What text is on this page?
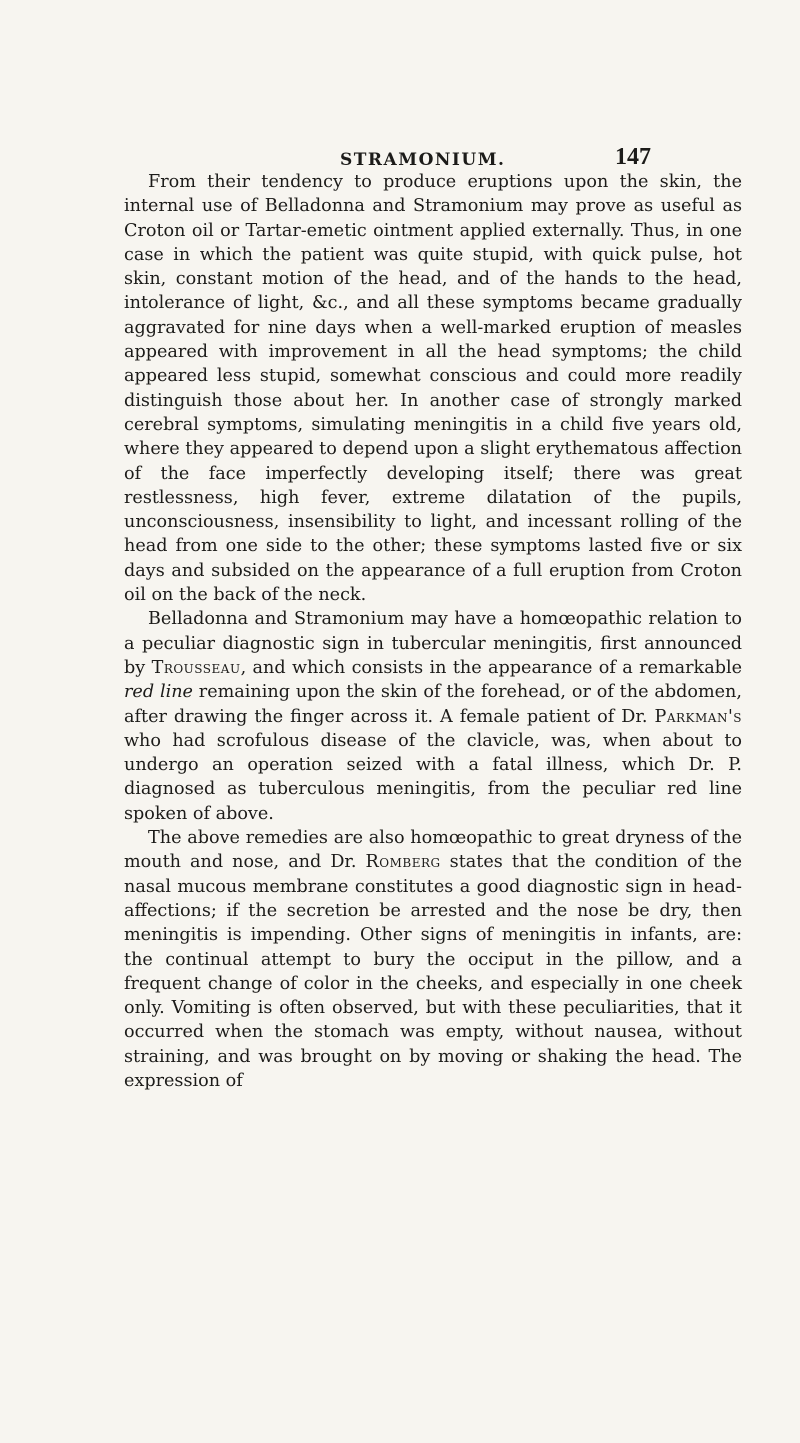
STRAMONIUM.	147

From their tendency to produce eruptions upon the skin, the internal use of Belladonna and Stramonium may prove as useful as Croton oil or Tartar-emetic ointment applied externally. Thus, in one case in which the patient was quite stupid, with quick pulse, hot skin, constant motion of the head, and of the hands to the head, intolerance of light, &c., and all these symptoms became gradually aggravated for nine days when a well-marked eruption of measles appeared with improvement in all the head symptoms; the child appeared less stupid, somewhat conscious and could more readily distinguish those about her. In another case of strongly marked cerebral symptoms, simulating meningitis in a child five years old, where they appeared to depend upon a slight erythematous affection of the face imperfectly developing itself; there was great restlessness, high fever, extreme dilatation of the pupils, unconsciousness, insensibility to light, and incessant rolling of the head from one side to the other; these symptoms lasted five or six days and subsided on the appearance of a full eruption from Croton oil on the back of the neck.

Belladonna and Stramonium may have a homœopathic relation to a peculiar diagnostic sign in tubercular meningitis, first announced by Trousseau, and which consists in the appearance of a remarkable red line remaining upon the skin of the forehead, or of the abdomen, after drawing the finger across it. A female patient of Dr. Parkman's who had scrofulous disease of the clavicle, was, when about to undergo an operation seized with a fatal illness, which Dr. P. diagnosed as tuberculous meningitis, from the peculiar red line spoken of above.

The above remedies are also homœopathic to great dryness of the mouth and nose, and Dr. Romberg states that the condition of the nasal mucous membrane constitutes a good diagnostic sign in head-affections; if the secretion be arrested and the nose be dry, then meningitis is impending. Other signs of meningitis in infants, are: the continual attempt to bury the occiput in the pillow, and a frequent change of color in the cheeks, and especially in one cheek only. Vomiting is often observed, but with these peculiarities, that it occurred when the stomach was empty, without nausea, without straining, and was brought on by moving or shaking the head. The expression of
